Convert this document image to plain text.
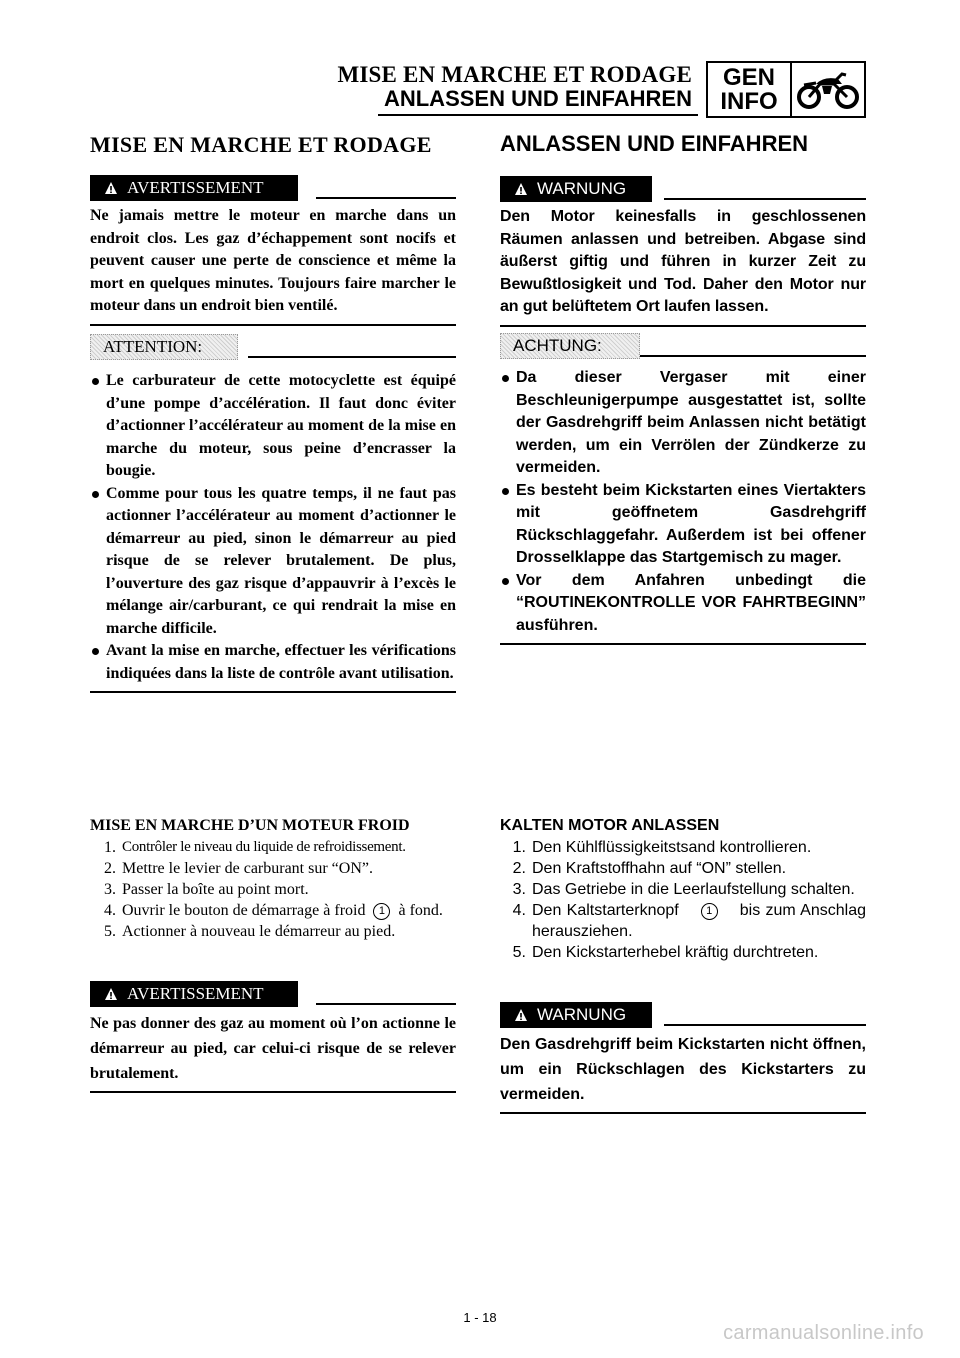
MISE EN MARCHE ET RODAGE
ANLASSEN UND EINFAHREN
GEN
INFO
MISE EN MARCHE ET RODAGE
AVERTISSEMENT

Ne jamais mettre le moteur en marche dans un endroit clos. Les gaz d’échappement sont nocifs et peuvent causer une perte de conscience et même la mort en quelques minutes. Toujours faire marcher le moteur dans un endroit bien ventilé.

ATTENTION:
Le carburateur de cette motocyclette est équipé d’une pompe d’accélération. Il faut donc éviter d’actionner l’accélérateur au moment de la mise en marche du moteur, sous peine d’encrasser la bougie.
Comme pour tous les quatre temps, il ne faut pas actionner l’accélérateur au moment d’actionner le démarreur au pied, sinon le démarreur au pied risque de se relever brutalement. De plus, l’ouverture des gaz risque d’appauvrir à l’excès le mélange air/carburant, ce qui rendrait la mise en marche difficile.
Avant la mise en marche, effectuer les vérifications indiquées dans la liste de contrôle avant utilisation.

MISE EN MARCHE D’UN MOTEUR FROID

1. Contrôler le niveau du liquide de refroidissement.
2. Mettre le levier de carburant sur “ON”.
3. Passer la boîte au point mort.
4. Ouvrir le bouton de démarrage à froid 1 à fond.
5. Actionner à nouveau le démarreur au pied.
AVERTISSEMENT

Ne pas donner des gaz au moment où l’on actionne le démarreur au pied, car celui-ci risque de se relever brutalement.

ANLASSEN UND EINFAHREN
WARNUNG

Den Motor keinesfalls in geschlossenen Räumen anlassen und betreiben. Abgase sind äußerst giftig und führen in kurzer Zeit zu Bewußtlosigkeit und Tod. Daher den Motor nur an gut belüftetem Ort laufen lassen.

ACHTUNG:
Da dieser Vergaser mit einer Beschleunigerpumpe ausgestattet ist, sollte der Gasdrehgriff beim Anlassen nicht betätigt werden, um ein Verrölen der Zündkerze zu vermeiden.
Es besteht beim Kickstarten eines Viertakters mit geöffnetem Gasdrehgriff Rückschlaggefahr. Außerdem ist bei offener Drosselklappe das Startgemisch zu mager.
Vor dem Anfahren unbedingt die “ROUTINEKONTROLLE VOR FAHRTBEGINN” ausführen.

KALTEN MOTOR ANLASSEN

1. Den Kühlflüssigkeitstsand kontrollieren.
2. Den Kraftstoffhahn auf “ON” stellen.
3. Das Getriebe in die Leerlaufstellung schalten.
4. Den Kaltstarterknopf 1 bis zum Anschlag herausziehen.
5. Den Kickstarterhebel kräftig durchtreten.
WARNUNG

Den Gasdrehgriff beim Kickstarten nicht öffnen, um ein Rückschlagen des Kickstarters zu vermeiden.

1 - 18
carmanualsonline.info
